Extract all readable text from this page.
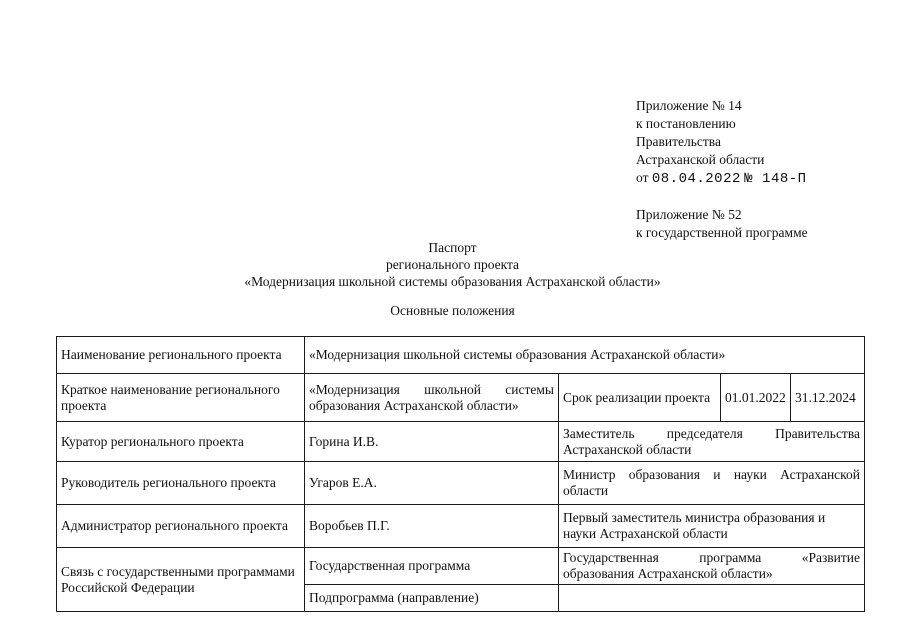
Приложение № 14
к постановлению
Правительства
Астраханской области
от 08.04.2022 № 148-П
Приложение № 52
к государственной программе
Паспорт
регионального проекта
«Модернизация школьной системы образования Астраханской области»
Основные положения
Наименование регионального проекта	«Модернизация школьной системы образования Астраханской области»			
Краткое наименование регионального проекта	«Модернизация школьной системы образования Астраханской области»	Срок реализации проекта	01.01.2022	31.12.2024
Куратор регионального проекта	Горина И.В.	Заместитель председателя Правительства Астраханской области		
Руководитель регионального проекта	Угаров Е.А.	Министр образования и науки Астраханской области		
Администратор регионального проекта	Воробьев П.Г.	Первый заместитель министра образования и науки Астраханской области		
Связь с государственными программами Российской Федерации	Государственная программа	Государственная программа «Развитие образования Астраханской области»		
	Подпрограмма (направление)			
